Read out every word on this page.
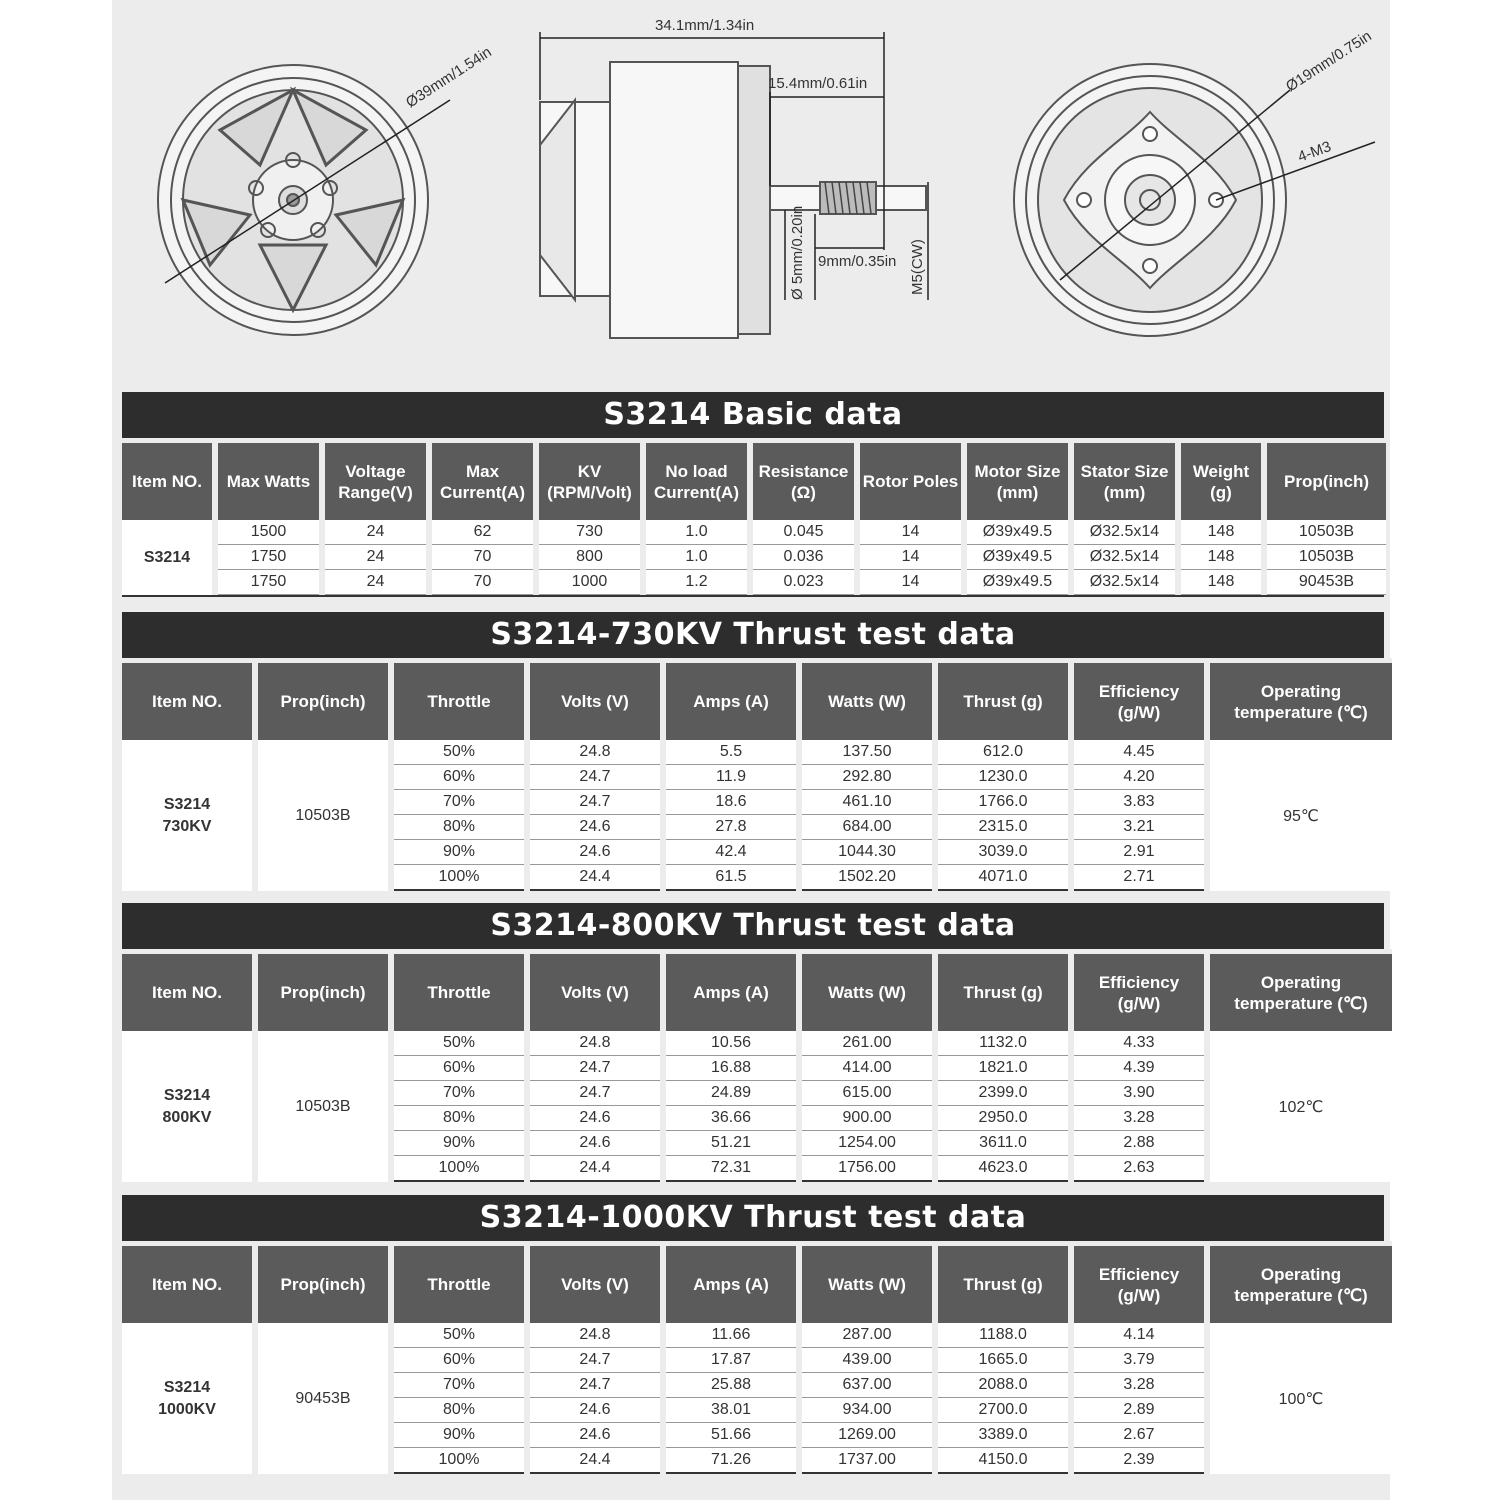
Ø39mm/1.54in
34.1mm/1.34in
15.4mm/0.61in
9mm/0.35in
Ø 5mm/0.20in	M5(CW)
Ø19mm/0.75in
4-M3
S3214 Basic data
Item NO.	Max Watts	Voltage Range(V)	Max Current(A)	KV (RPM/Volt)	No load Current(A)	Resistance (Ω)	Rotor Poles	Motor Size (mm)	Stator Size (mm)	Weight (g)	Prop(inch)
S3214	1500	24	62	730	1.0	0.045	14	Ø39x49.5	Ø32.5x14	148	10503B
	1750	24	70	800	1.0	0.036	14	Ø39x49.5	Ø32.5x14	148	10503B
	1750	24	70	1000	1.2	0.023	14	Ø39x49.5	Ø32.5x14	148	90453B
S3214-730KV Thrust test data
Item NO.	Prop(inch)	Throttle	Volts (V)	Amps (A)	Watts (W)	Thrust (g)	Efficiency (g/W)	Operating temperature (℃)

S3214
730KV	10503B	50%	24.8	5.5	137.50	612.0	4.45	95℃
		60%	24.7	11.9	292.80	1230.0	4.20	
		70%	24.7	18.6	461.10	1766.0	3.83	
		80%	24.6	27.8	684.00	2315.0	3.21	
		90%	24.6	42.4	1044.30	3039.0	2.91	
		100%	24.4	61.5	1502.20	4071.0	2.71	
S3214-800KV Thrust test data
Item NO.	Prop(inch)	Throttle	Volts (V)	Amps (A)	Watts (W)	Thrust (g)	Efficiency (g/W)	Operating temperature (℃)

S3214
800KV	10503B	50%	24.8	10.56	261.00	1132.0	4.33	102℃
		60%	24.7	16.88	414.00	1821.0	4.39	
		70%	24.7	24.89	615.00	2399.0	3.90	
		80%	24.6	36.66	900.00	2950.0	3.28	
		90%	24.6	51.21	1254.00	3611.0	2.88	
		100%	24.4	72.31	1756.00	4623.0	2.63	
S3214-1000KV Thrust test data
Item NO.	Prop(inch)	Throttle	Volts (V)	Amps (A)	Watts (W)	Thrust (g)	Efficiency (g/W)	Operating temperature (℃)

S3214
1000KV	90453B	50%	24.8	11.66	287.00	1188.0	4.14	100℃
		60%	24.7	17.87	439.00	1665.0	3.79	
		70%	24.7	25.88	637.00	2088.0	3.28	
		80%	24.6	38.01	934.00	2700.0	2.89	
		90%	24.6	51.66	1269.00	3389.0	2.67	
		100%	24.4	71.26	1737.00	4150.0	2.39	
